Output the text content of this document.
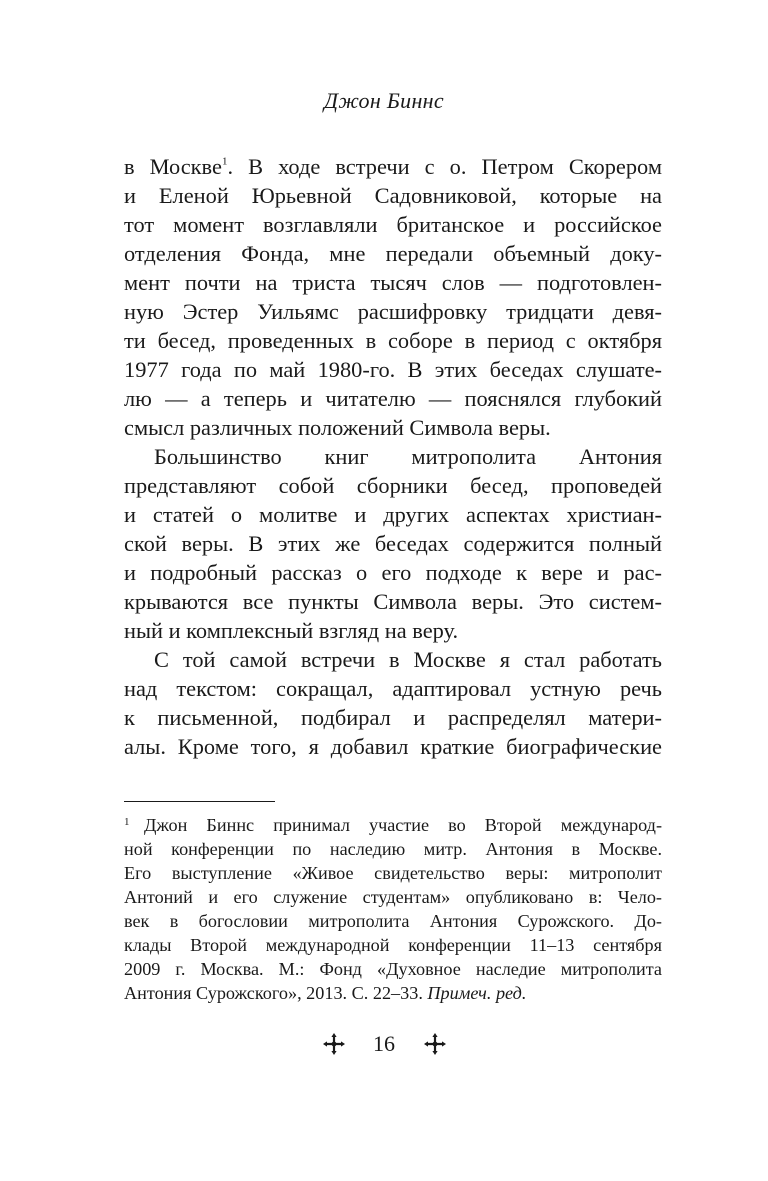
Джон Биннс
в Москве$^1$. В ходе встречи с о. Петром Скорером
и Еленой Юрьевной Садовниковой, которые на
тот момент возглавляли британское и российское
отделения Фонда, мне передали объемный доку-
мент почти на триста тысяч слов — подготовлен-
ную Эстер Уильямс расшифровку тридцати девя-
ти бесед, проведенных в соборе в период с октября
1977 года по май 1980-го. В этих беседах слушате-
лю — а теперь и читателю — пояснялся глубокий
смысл различных положений Символа веры.
Большинство книг митрополита Антония
представляют собой сборники бесед, проповедей
и статей о молитве и других аспектах христиан-
ской веры. В этих же беседах содержится полный
и подробный рассказ о его подходе к вере и рас-
крываются все пункты Символа веры. Это систем-
ный и комплексный взгляд на веру.
С той самой встречи в Москве я стал работать
над текстом: сокращал, адаптировал устную речь
к письменной, подбирал и распределял матери-
алы. Кроме того, я добавил краткие биографические
1 Джон Биннс принимал участие во Второй международ-
ной конференции по наследию митр. Антония в Москве.
Его выступление «Живое свидетельство веры: митрополит
Антоний и его служение студентам» опубликовано в: Чело-
век в богословии митрополита Антония Сурожского. До-
клады Второй международной конференции 11–13 сентября
2009 г. Москва. М.: Фонд «Духовное наследие митрополита
Антония Сурожского», 2013. С. 22–33. Примеч. ред.
16
